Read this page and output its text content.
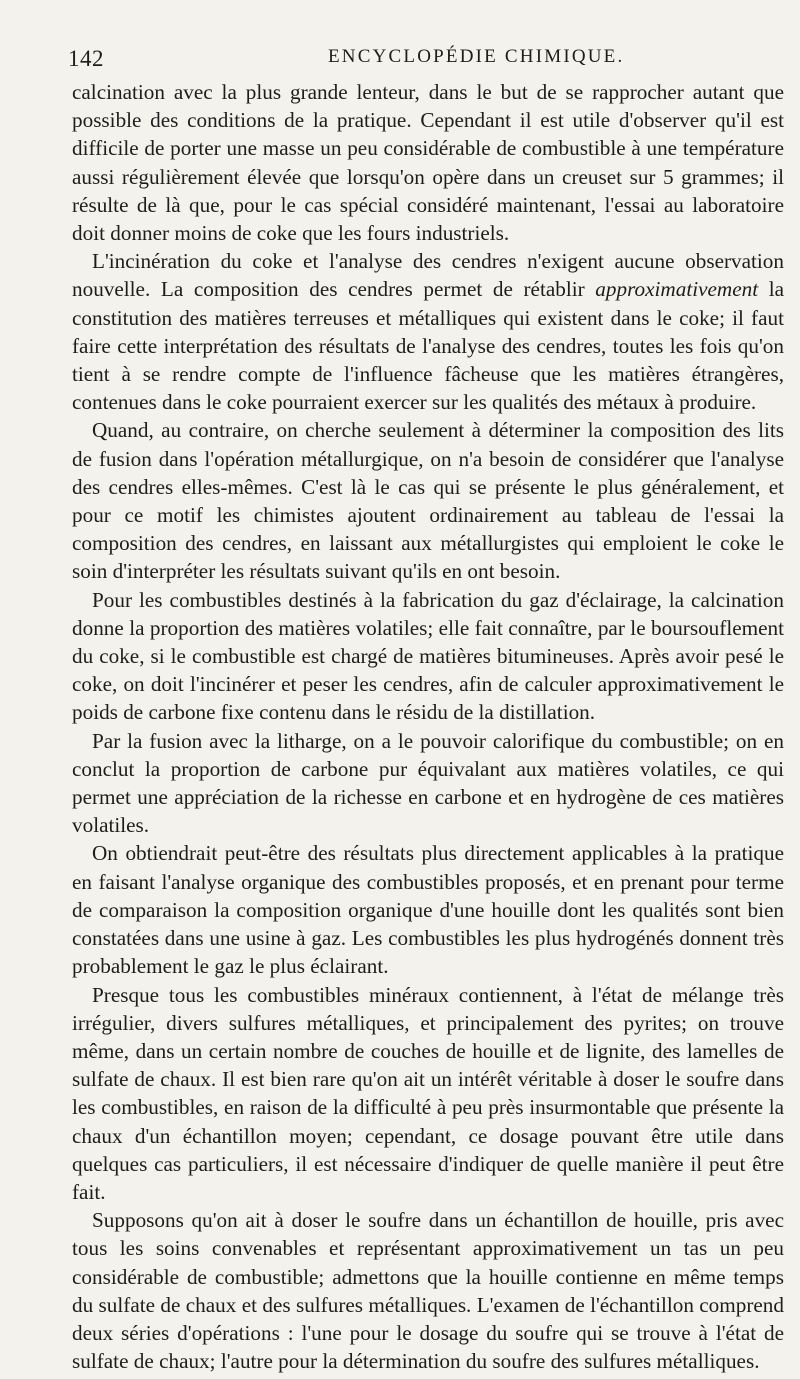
142	ENCYCLOPÉDIE CHIMIQUE.

calcination avec la plus grande lenteur, dans le but de se rapprocher autant que possible des conditions de la pratique. Cependant il est utile d'observer qu'il est difficile de porter une masse un peu considérable de combustible à une température aussi régulièrement élevée que lorsqu'on opère dans un creuset sur 5 grammes; il résulte de là que, pour le cas spécial considéré maintenant, l'essai au laboratoire doit donner moins de coke que les fours industriels.

L'incinération du coke et l'analyse des cendres n'exigent aucune observation nouvelle. La composition des cendres permet de rétablir approximativement la constitution des matières terreuses et métalliques qui existent dans le coke; il faut faire cette interprétation des résultats de l'analyse des cendres, toutes les fois qu'on tient à se rendre compte de l'influence fâcheuse que les matières étrangères, contenues dans le coke pourraient exercer sur les qualités des métaux à produire.

Quand, au contraire, on cherche seulement à déterminer la composition des lits de fusion dans l'opération métallurgique, on n'a besoin de considérer que l'analyse des cendres elles-mêmes. C'est là le cas qui se présente le plus généralement, et pour ce motif les chimistes ajoutent ordinairement au tableau de l'essai la composition des cendres, en laissant aux métallurgistes qui emploient le coke le soin d'interpréter les résultats suivant qu'ils en ont besoin.

Pour les combustibles destinés à la fabrication du gaz d'éclairage, la calcination donne la proportion des matières volatiles; elle fait connaître, par le boursouflement du coke, si le combustible est chargé de matières bitumineuses. Après avoir pesé le coke, on doit l'incinérer et peser les cendres, afin de calculer approximativement le poids de carbone fixe contenu dans le résidu de la distillation.

Par la fusion avec la litharge, on a le pouvoir calorifique du combustible; on en conclut la proportion de carbone pur équivalant aux matières volatiles, ce qui permet une appréciation de la richesse en carbone et en hydrogène de ces matières volatiles.

On obtiendrait peut-être des résultats plus directement applicables à la pratique en faisant l'analyse organique des combustibles proposés, et en prenant pour terme de comparaison la composition organique d'une houille dont les qualités sont bien constatées dans une usine à gaz. Les combustibles les plus hydrogénés donnent très probablement le gaz le plus éclairant.

Presque tous les combustibles minéraux contiennent, à l'état de mélange très irrégulier, divers sulfures métalliques, et principalement des pyrites; on trouve même, dans un certain nombre de couches de houille et de lignite, des lamelles de sulfate de chaux. Il est bien rare qu'on ait un intérêt véritable à doser le soufre dans les combustibles, en raison de la difficulté à peu près insurmontable que présente la chaux d'un échantillon moyen; cependant, ce dosage pouvant être utile dans quelques cas particuliers, il est nécessaire d'indiquer de quelle manière il peut être fait.

Supposons qu'on ait à doser le soufre dans un échantillon de houille, pris avec tous les soins convenables et représentant approximativement un tas un peu considérable de combustible; admettons que la houille contienne en même temps du sulfate de chaux et des sulfures métalliques. L'examen de l'échantillon comprend deux séries d'opérations : l'une pour le dosage du soufre qui se trouve à l'état de sulfate de chaux; l'autre pour la détermination du soufre des sulfures métalliques.
